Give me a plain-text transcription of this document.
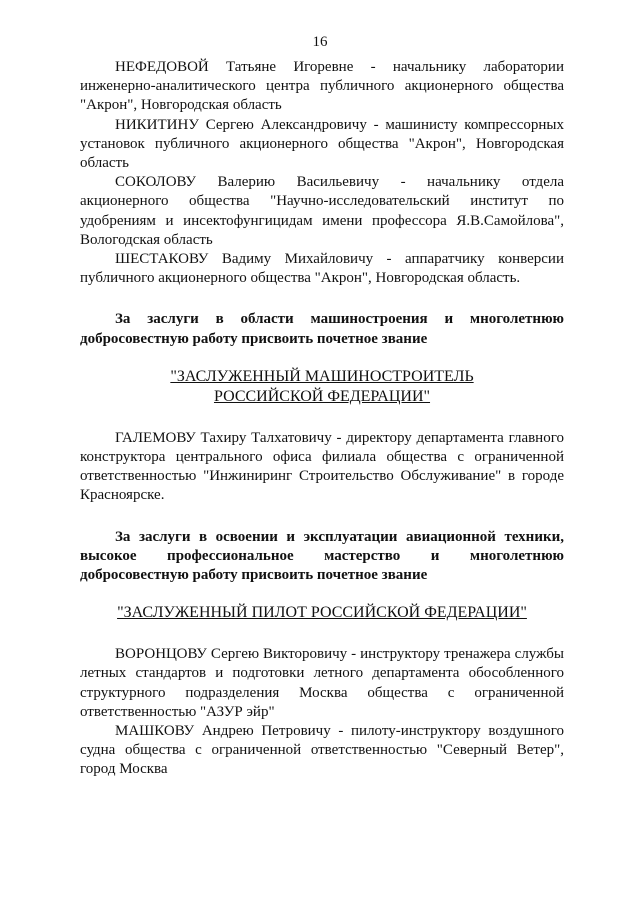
16

НЕФЕДОВОЙ Татьяне Игоревне - начальнику лаборатории инженерно-аналитического центра публичного акционерного общества "Акрон", Новгородская область

НИКИТИНУ Сергею Александровичу - машинисту компрессорных установок публичного акционерного общества "Акрон", Новгородская область

СОКОЛОВУ Валерию Васильевичу - начальнику отдела акционерного общества "Научно-исследовательский институт по удобрениям и инсектофунгицидам имени профессора Я.В.Самойлова", Вологодская область

ШЕСТАКОВУ Вадиму Михайловичу - аппаратчику конверсии публичного акционерного общества "Акрон", Новгородская область.

За заслуги в области машиностроения и многолетнюю добросовестную работу присвоить почетное звание

"ЗАСЛУЖЕННЫЙ МАШИНОСТРОИТЕЛЬ

РОССИЙСКОЙ ФЕДЕРАЦИИ"

ГАЛЕМОВУ Тахиру Талхатовичу - директору департамента главного конструктора центрального офиса филиала общества с ограниченной ответственностью "Инжиниринг Строительство Обслуживание" в городе Красноярске.

За заслуги в освоении и эксплуатации авиационной техники, высокое профессиональное мастерство и многолетнюю добросовестную работу присвоить почетное звание

"ЗАСЛУЖЕННЫЙ ПИЛОТ РОССИЙСКОЙ ФЕДЕРАЦИИ"

ВОРОНЦОВУ Сергею Викторовичу - инструктору тренажера службы летных стандартов и подготовки летного департамента обособленного структурного подразделения Москва общества с ограниченной ответственностью "АЗУР эйр"

МАШКОВУ Андрею Петровичу - пилоту-инструктору воздушного судна общества с ограниченной ответственностью "Северный Ветер", город Москва
